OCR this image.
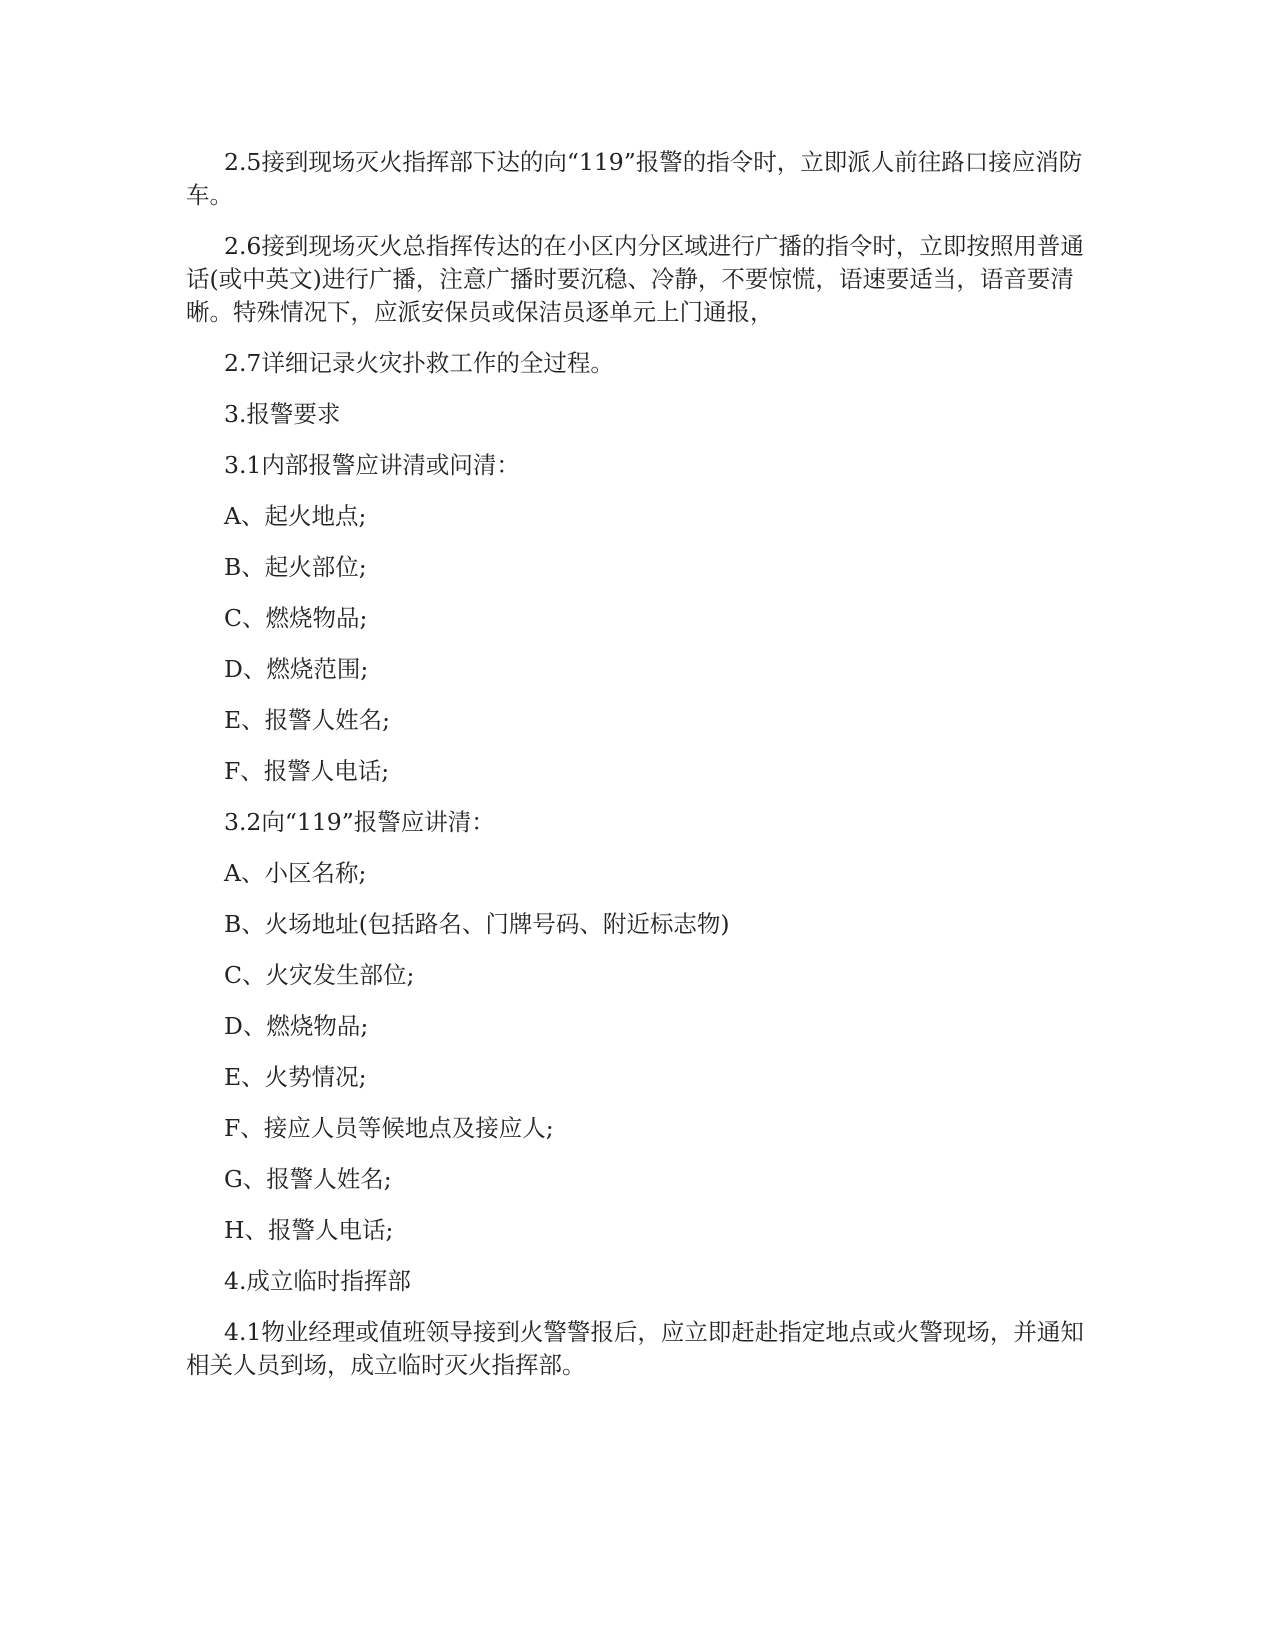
2.5接到现场灭火指挥部下达的向“119”报警的指令时，立即派人前往路口接应消防车。

2.6接到现场灭火总指挥传达的在小区内分区域进行广播的指令时，立即按照用普通话(或中英文)进行广播，注意广播时要沉稳、冷静，不要惊慌，语速要适当，语音要清晰。特殊情况下，应派安保员或保洁员逐单元上门通报，

2.7详细记录火灾扑救工作的全过程。

3.报警要求

3.1内部报警应讲清或问清：

A、起火地点;

B、起火部位;

C、燃烧物品;

D、燃烧范围;

E、报警人姓名;

F、报警人电话;

3.2向“119”报警应讲清：

A、小区名称;

B、火场地址(包括路名、门牌号码、附近标志物)

C、火灾发生部位;

D、燃烧物品;

E、火势情况;

F、接应人员等候地点及接应人;

G、报警人姓名;

H、报警人电话;

4.成立临时指挥部

4.1物业经理或值班领导接到火警警报后，应立即赶赴指定地点或火警现场，并通知相关人员到场，成立临时灭火指挥部。
